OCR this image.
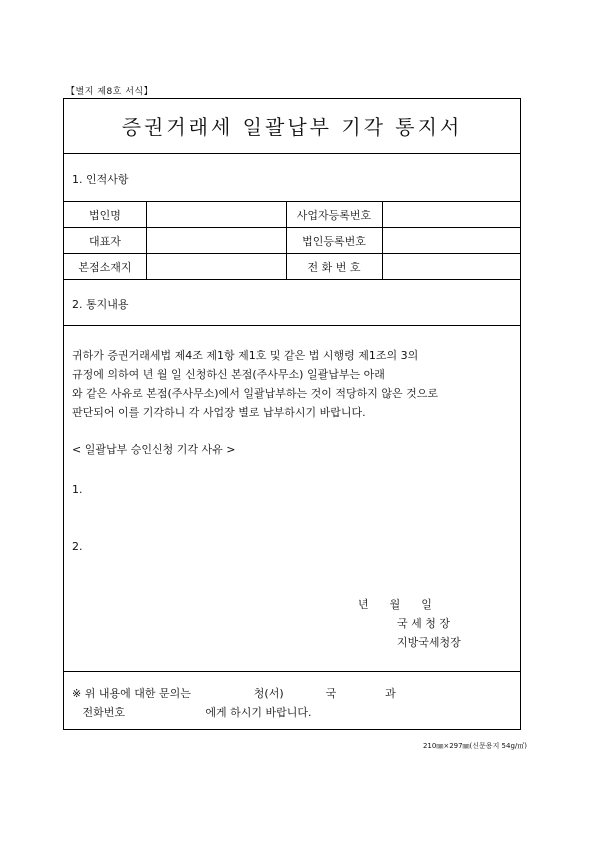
【별지 제8호 서식】
증권거래세 일괄납부 기각 통지서
1. 인적사항
법인명	사업자등록번호
대표자	법인등록번호
본점소재지	전 화 번 호
2. 통지내용
귀하가 증권거래세법 제4조 제1항 제1호 및 같은 법 시행령 제1조의 3의
규정에 의하여 년 월 일 신청하신 본점(주사무소) 일괄납부는 아래
와 같은 사유로 본점(주사무소)에서 일괄납부하는 것이 적당하지 않은 것으로
판단되어 이를 기각하니 각 사업장 별로 납부하시기 바랍니다.
< 일괄납부 승인신청 기각 사유 >
1.
2.
년      월      일
국 세 청 장
지방국세청장
※ 위 내용에 대한 문의는                  청(서)            국              과
전화번호                       에게 하시기 바랍니다.
210㎜×297㎜(신문용지 54g/㎡)
